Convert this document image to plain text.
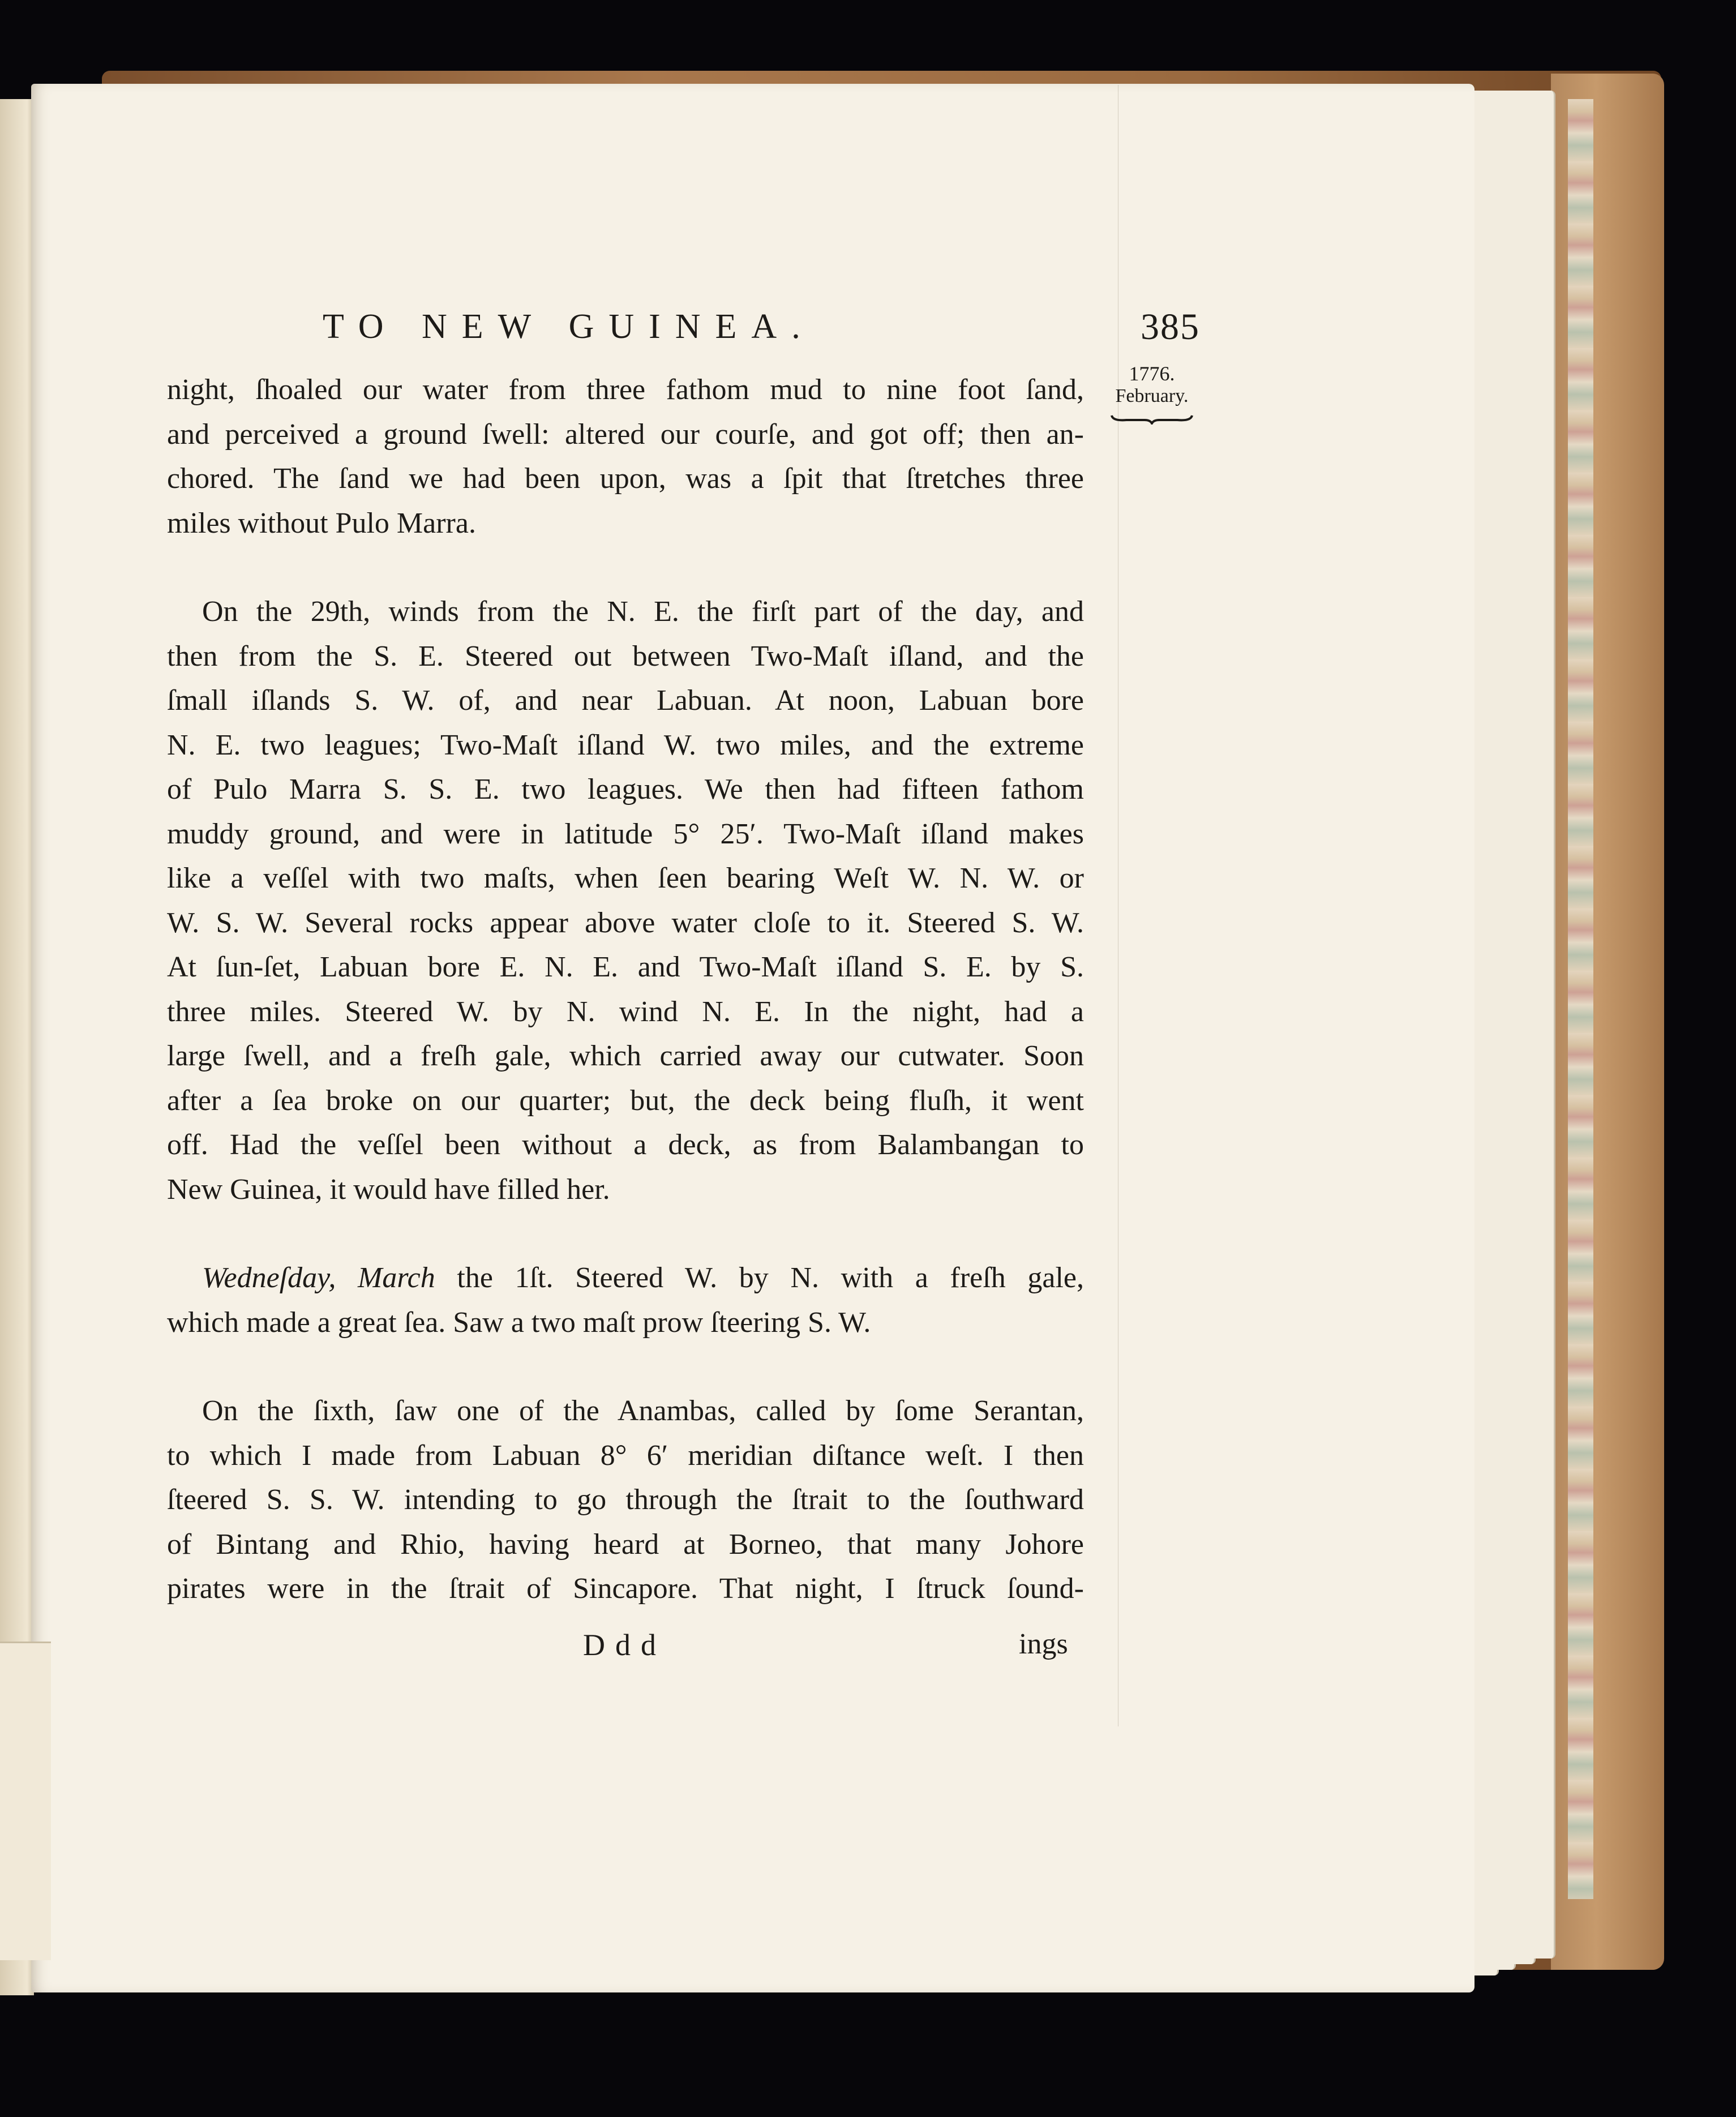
TO NEW GUINEA.	385
1776.
February.
night, ſhoaled our water from three fathom mud to nine foot ſand,
and perceived a ground ſwell: altered our courſe, and got off; then an-
chored. The ſand we had been upon, was a ſpit that ſtretches three
miles without Pulo Marra.
On the 29th, winds from the N. E. the firſt part of the day, and
then from the S. E. Steered out between Two-Maſt iſland, and the
ſmall iſlands S. W. of, and near Labuan. At noon, Labuan bore
N. E. two leagues; Two-Maſt iſland W. two miles, and the extreme
of Pulo Marra S. S. E. two leagues. We then had fifteen fathom
muddy ground, and were in latitude 5° 25′. Two-Maſt iſland makes
like a veſſel with two maſts, when ſeen bearing Weſt W. N. W. or
W. S. W. Several rocks appear above water cloſe to it. Steered S. W.
At ſun-ſet, Labuan bore E. N. E. and Two-Maſt iſland S. E. by S.
three miles. Steered W. by N. wind N. E. In the night, had a
large ſwell, and a freſh gale, which carried away our cutwater. Soon
after a ſea broke on our quarter; but, the deck being fluſh, it went
off. Had the veſſel been without a deck, as from Balambangan to
New Guinea, it would have filled her.
Wedneſday, March the 1ſt. Steered W. by N. with a freſh gale,
which made a great ſea. Saw a two maſt prow ſteering S. W.
On the ſixth, ſaw one of the Anambas, called by ſome Serantan,
to which I made from Labuan 8° 6′ meridian diſtance weſt. I then
ſteered S. S. W. intending to go through the ſtrait to the ſouthward
of Bintang and Rhio, having heard at Borneo, that many Johore
pirates were in the ſtrait of Sincapore. That night, I ſtruck ſound-
Ddd	ings
